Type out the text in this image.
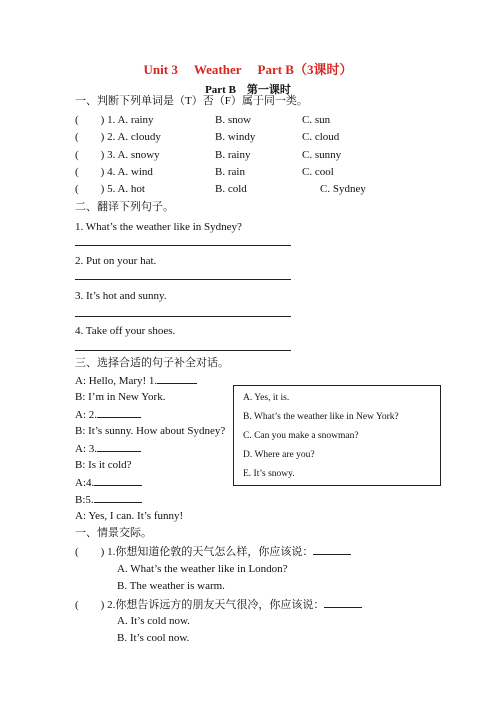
Unit 3　 Weather　 Part B（3课时）
Part B　第一课时
一、判断下列单词是（T）否（F）属于同一类。
(　　) 1. A. rainy	B. snow	C. sun
(　　) 2. A. cloudy	B. windy	C. cloud
(　　) 3. A. snowy	B. rainy	C. sunny
(　　) 4. A. wind	B. rain	C. cool
(　　) 5. A. hot	B. cold	C. Sydney
二、翻译下列句子。
1. What’s the weather like in Sydney?
2. Put on your hat.
3. It’s hot and sunny.
4. Take off your shoes.
三、选择合适的句子补全对话。
A: Hello, Mary! 1.
B: I’m in New York.
A: 2.
B: It’s sunny. How about Sydney?
A: 3.
B: Is it cold?
A:4.
B:5.
A: Yes, I can. It’s funny!
A. Yes, it is.
B. What’s the weather like in New York?
C. Can you make a snowman?
D. Where are you?
E. It’s snowy.
一、情景交际。
(　　) 1.你想知道伦敦的天气怎么样，你应该说：
A. What’s the weather like in London?
B. The weather is warm.
(　　) 2.你想告诉远方的朋友天气很冷，你应该说：
A. It’s cold now.
B. It’s cool now.
